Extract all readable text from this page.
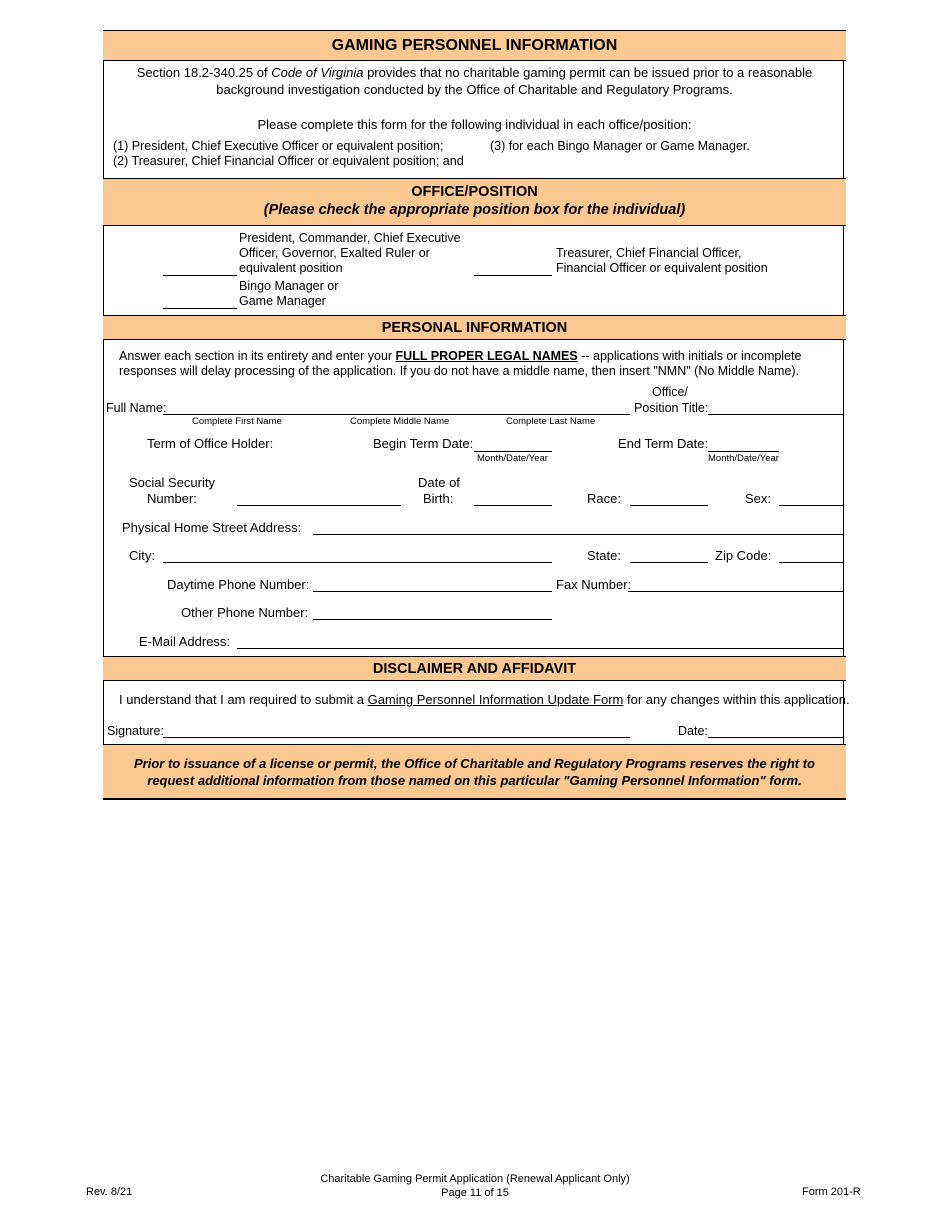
GAMING PERSONNEL INFORMATION
Section 18.2-340.25 of Code of Virginia provides that no charitable gaming permit can be issued prior to a reasonable
background investigation conducted by the Office of Charitable and Regulatory Programs.
Please complete this form for the following individual in each office/position:
(1) President, Chief Executive Officer or equivalent position;
(2) Treasurer, Chief Financial Officer or equivalent position; and
(3) for each Bingo Manager or Game Manager.
OFFICE/POSITION
(Please check the appropriate position box for the individual)
President, Commander, Chief Executive
Officer, Governor, Exalted Ruler or
equivalent position
Treasurer, Chief Financial Officer,
Financial Officer or equivalent position
Bingo Manager or
Game Manager
PERSONAL INFORMATION
Answer each section in its entirety and enter your FULL PROPER LEGAL NAMES -- applications with initials or incomplete
responses will delay processing of the application. If you do not have a middle name, then insert "NMN" (No Middle Name).
Full Name:
Complete First Name	Complete Middle Name	Complete Last Name
Office/
Position Title:
Term of Office Holder:	Begin Term Date:
Month/Date/Year
End Term Date:
Month/Date/Year
Social Security
Number:
Date of
Birth:	Race:	Sex:
Physical Home Street Address:
City:	State:	Zip Code:
Daytime Phone Number:	Fax Number:
Other Phone Number:
E-Mail Address:
DISCLAIMER AND AFFIDAVIT
I understand that I am required to submit a Gaming Personnel Information Update Form for any changes within this application.
Signature:	Date:
Prior to issuance of a license or permit, the Office of Charitable and Regulatory Programs reserves the right to
request additional information from those named on this particular "Gaming Personnel Information" form.
Rev. 8/21
Charitable Gaming Permit Application (Renewal Applicant Only)
Page 11 of 15	Form 201-R
